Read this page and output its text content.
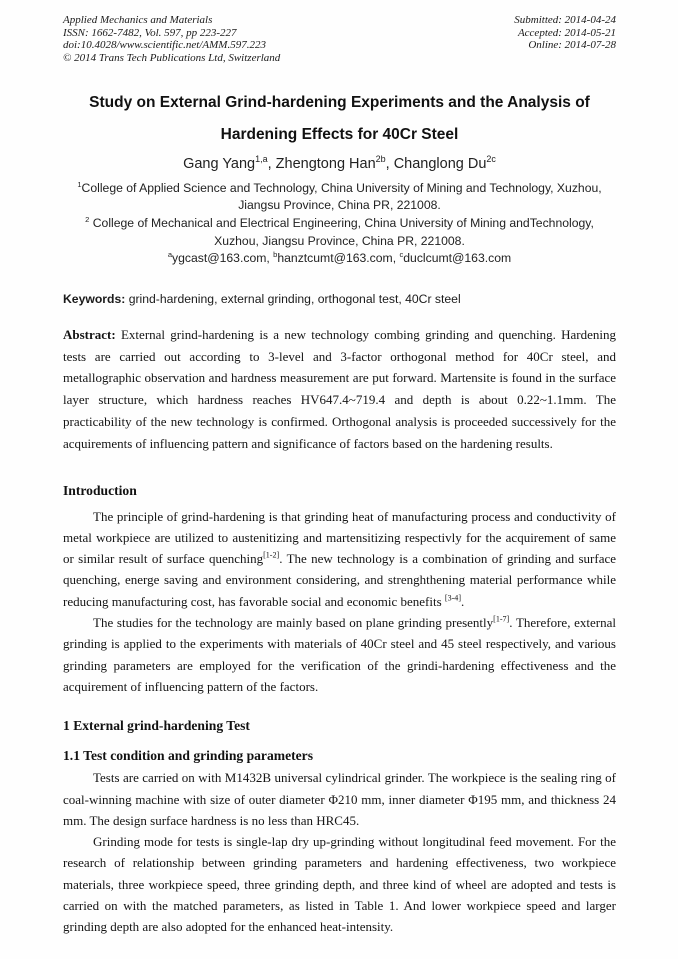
Applied Mechanics and Materials
ISSN: 1662-7482, Vol. 597, pp 223-227
doi:10.4028/www.scientific.net/AMM.597.223
© 2014 Trans Tech Publications Ltd, Switzerland
Submitted: 2014-04-24
Accepted: 2014-05-21
Online: 2014-07-28
Study on External Grind-hardening Experiments and the Analysis of
Hardening Effects for 40Cr Steel
Gang Yang$^{1,a}$, Zhengtong Han$^{2b}$, Changlong $Du^{2c}$
$^1$College of Applied Science and Technology, China University of Mining and Technology, Xuzhou, Jiangsu Province, China PR, 221008.
$^2$ College of Mechanical and Electrical Engineering, China University of Mining andTechnology, Xuzhou, Jiangsu Province, China PR, 221008.
$^a$ygcast@163.com, $^b$hanztcumt@163.com, $^c$duclcumt@163.com
Keywords: grind-hardening, external grinding, orthogonal test, 40Cr steel

Abstract: External grind-hardening is a new technology combing grinding and quenching. Hardening tests are carried out according to 3-level and 3-factor orthogonal method for 40Cr steel, and metallographic observation and hardness measurement are put forward. Martensite is found in the surface layer structure, which hardness reaches HV647.4~719.4 and depth is about 0.22~1.1mm. The practicability of the new technology is confirmed. Orthogonal analysis is proceeded successively for the acquirements of influencing pattern and significance of factors based on the hardening results.

Introduction

The principle of grind-hardening is that grinding heat of manufacturing process and conductivity of metal workpiece are utilized to austenitizing and martensitizing respectivly for the acquirement of same or similar result of surface quenching[1-2]. The new technology is a combination of grinding and surface quenching, energe saving and environment considering, and strenghthening material performance while reducing manufacturing cost, has favorable social and economic benefits [3-4].

The studies for the technology are mainly based on plane grinding presently[1-7]. Therefore, external grinding is applied to the experiments with materials of 40Cr steel and 45 steel respectively, and various grinding parameters are employed for the verification of the grindi-hardening effectiveness and the acquirement of influencing pattern of the factors.

1 External grind-hardening Test
1.1 Test condition and grinding parameters

Tests are carried on with M1432B universal cylindrical grinder. The workpiece is the sealing ring of coal-winning machine with size of outer diameter Φ210 mm, inner diameter Φ195 mm, and thickness 24 mm. The design surface hardness is no less than HRC45.

Grinding mode for tests is single-lap dry up-grinding without longitudinal feed movement. For the research of relationship between grinding parameters and hardening effectiveness, two workpiece materials, three workpiece speed, three grinding depth, and three kind of wheel are adopted and tests is carried on with the matched parameters, as listed in Table 1. And lower workpiece speed and larger grinding depth are also adopted for the enhanced heat-intensity.
